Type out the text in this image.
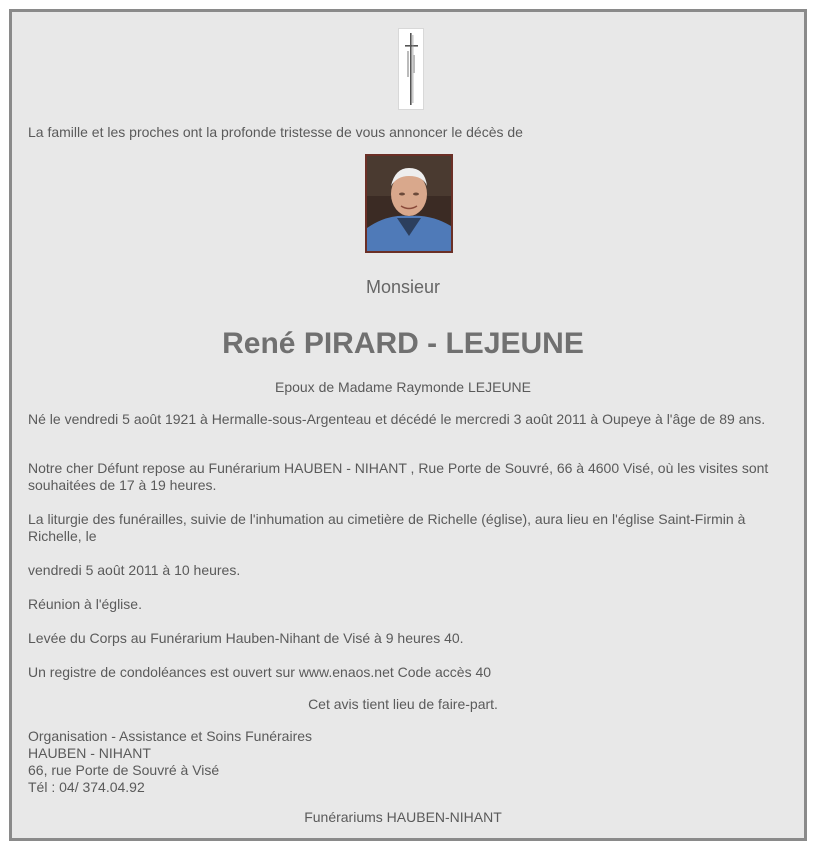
La famille et les proches ont la profonde tristesse de vous annoncer le décès de

Monsieur

René PIRARD - LEJEUNE

Epoux de Madame Raymonde LEJEUNE

Né le vendredi 5 août 1921 à Hermalle-sous-Argenteau et décédé le mercredi 3 août 2011 à Oupeye à l'âge de 89 ans.

Notre cher Défunt repose au Funérarium HAUBEN - NIHANT , Rue Porte de Souvré, 66 à 4600 Visé, où les visites sont souhaitées de 17 à 19 heures.

La liturgie des funérailles, suivie de l'inhumation au cimetière de Richelle (église), aura lieu en l'église Saint-Firmin à Richelle, le

vendredi 5 août 2011 à 10 heures.

Réunion à l'église.

Levée du Corps au Funérarium Hauben-Nihant de Visé à 9 heures 40.

Un registre de condoléances est ouvert sur www.enaos.net Code accès 40

Cet avis tient lieu de faire-part.

Organisation - Assistance et Soins Funéraires

HAUBEN - NIHANT

66, rue Porte de Souvré à Visé

Tél : 04/ 374.04.92

Funérariums HAUBEN-NIHANT
